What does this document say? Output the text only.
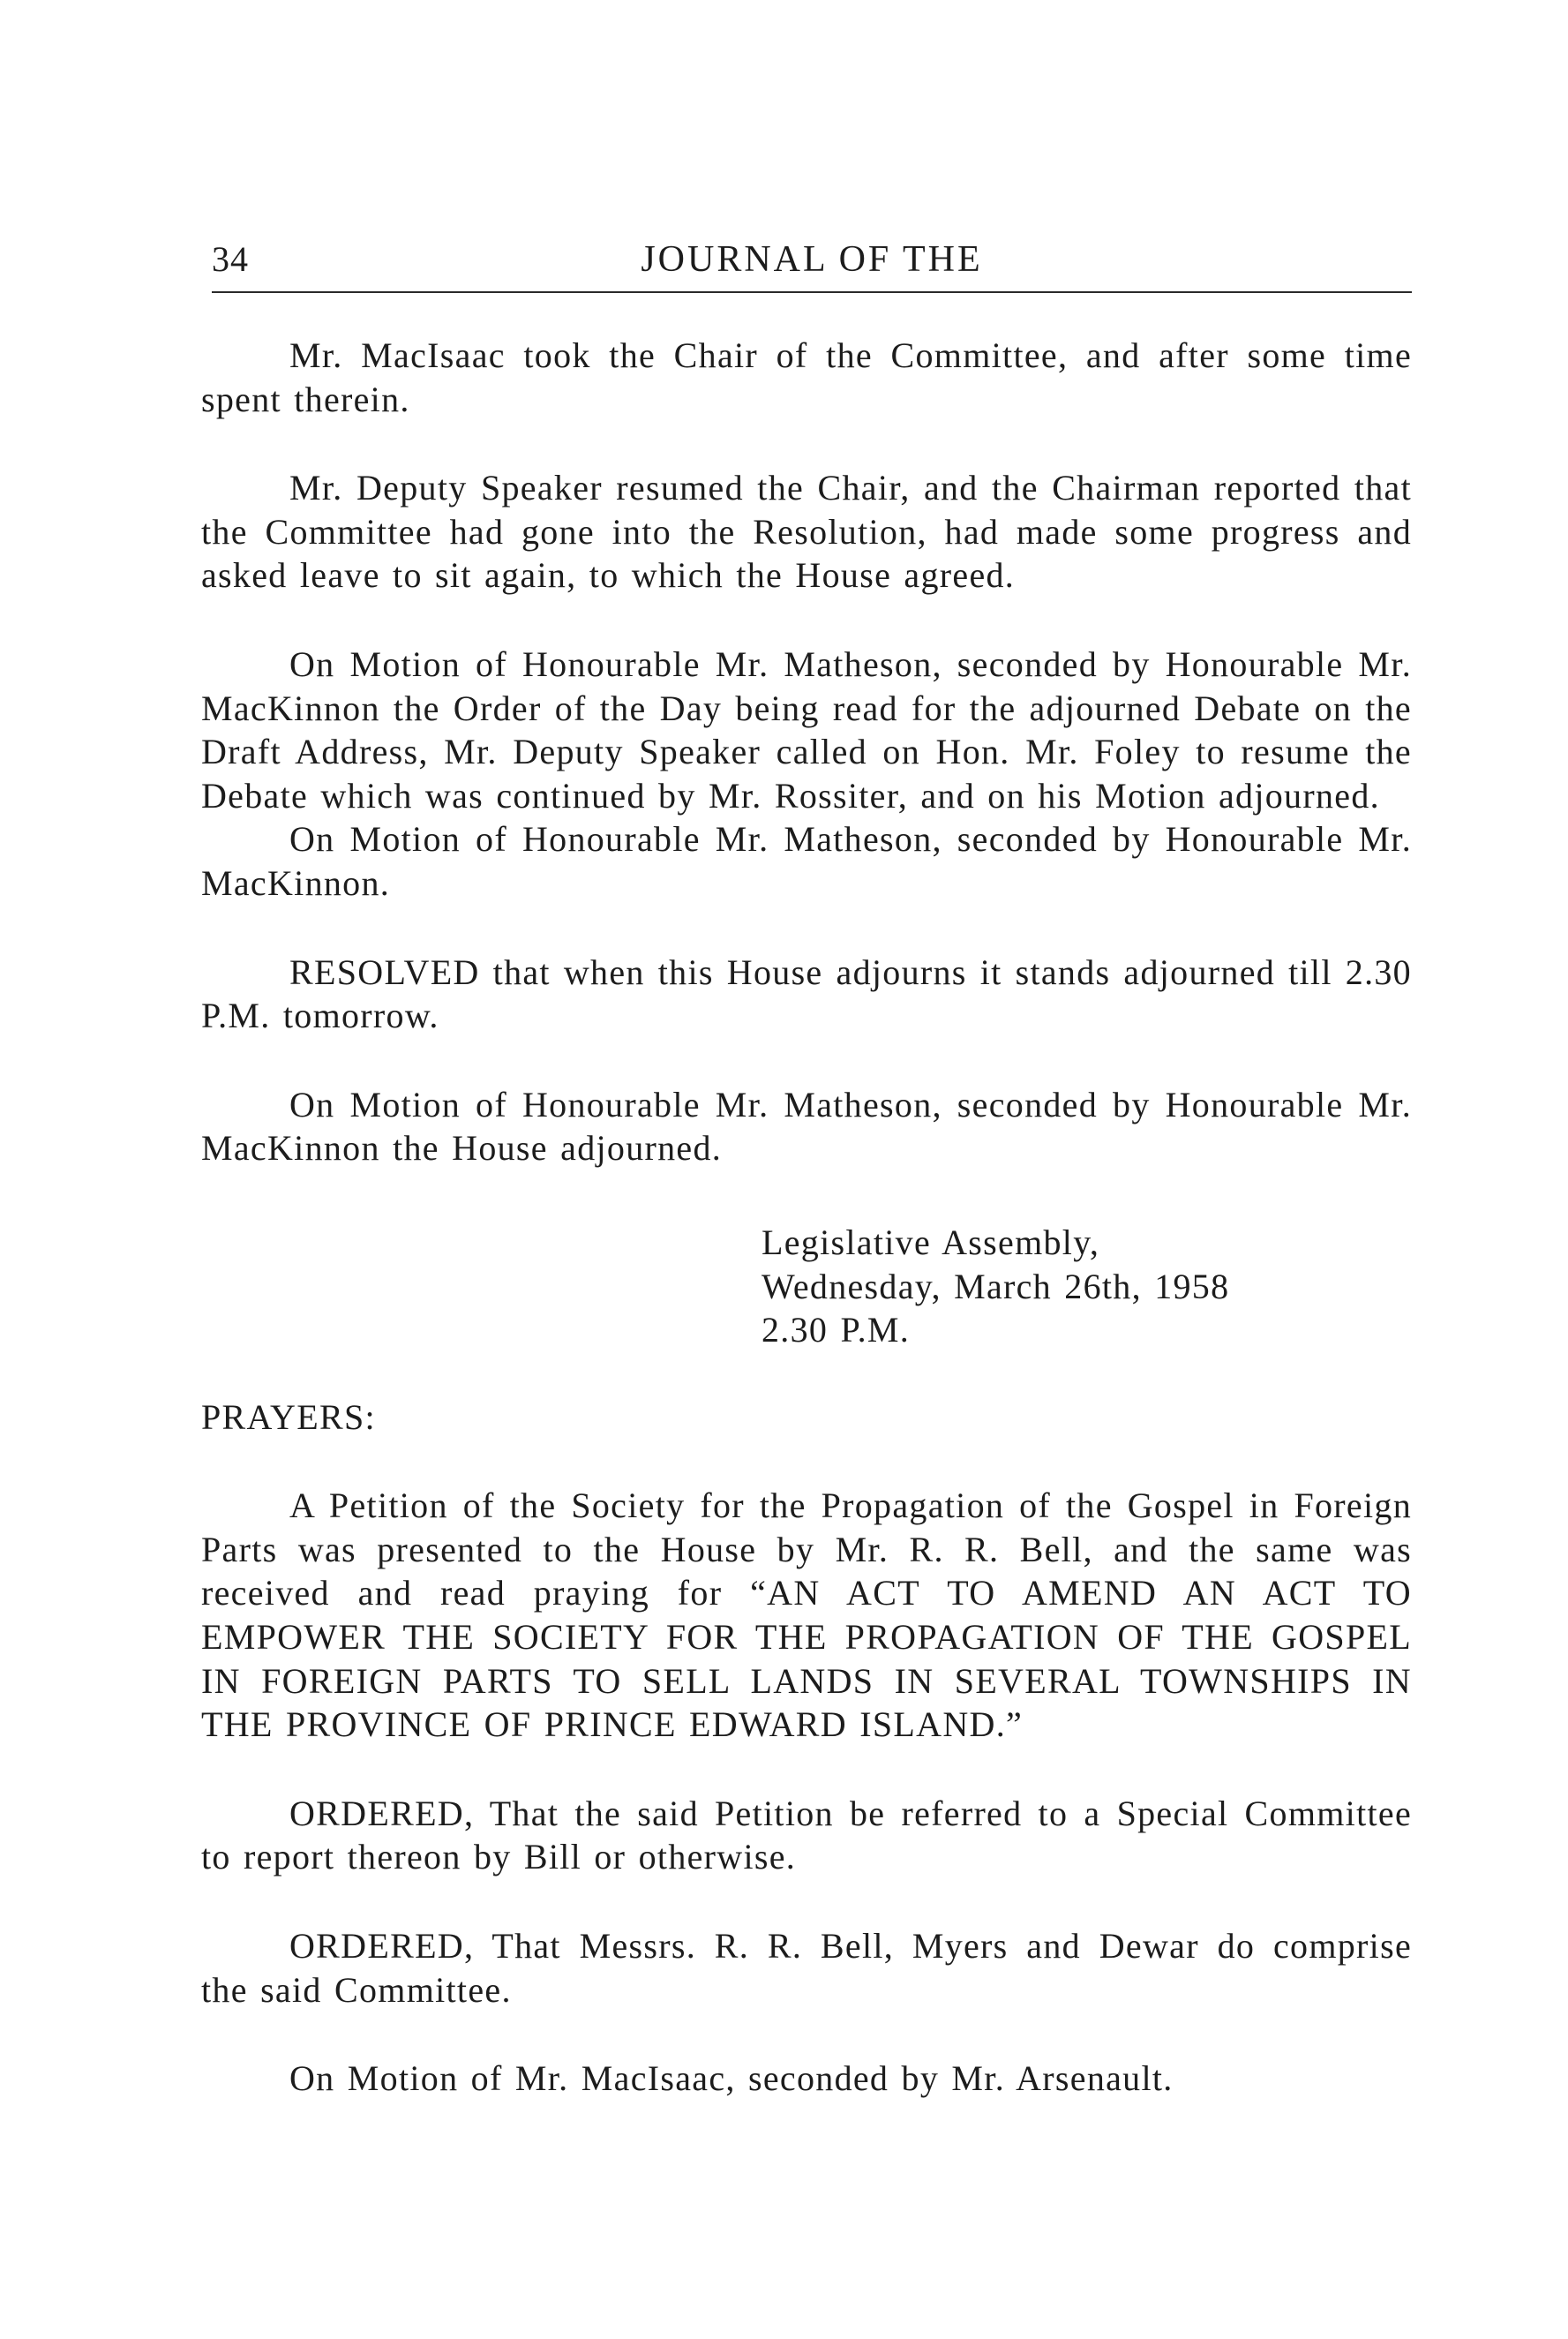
34	JOURNAL OF THE

Mr. MacIsaac took the Chair of the Committee, and after some time spent therein.

Mr. Deputy Speaker resumed the Chair, and the Chairman reported that the Committee had gone into the Resolution, had made some progress and asked leave to sit again, to which the House agreed.

On Motion of Honourable Mr. Matheson, seconded by Honourable Mr. MacKinnon the Order of the Day being read for the adjourned Debate on the Draft Address, Mr. Deputy Speaker called on Hon. Mr. Foley to resume the Debate which was continued by Mr. Rossiter, and on his Motion adjourned.

On Motion of Honourable Mr. Matheson, seconded by Honourable Mr. MacKinnon.

RESOLVED that when this House adjourns it stands adjourned till 2.30 P.M. tomorrow.

On Motion of Honourable Mr. Matheson, seconded by Honourable Mr. MacKinnon the House adjourned.

Legislative Assembly,
Wednesday, March 26th, 1958
2.30 P.M.

PRAYERS:

A Petition of the Society for the Propagation of the Gospel in Foreign Parts was presented to the House by Mr. R. R. Bell, and the same was received and read praying for “AN ACT TO AMEND AN ACT TO EMPOWER THE SOCIETY FOR THE PROPAGATION OF THE GOSPEL IN FOREIGN PARTS TO SELL LANDS IN SEVERAL TOWNSHIPS IN THE PROVINCE OF PRINCE EDWARD ISLAND.”

ORDERED, That the said Petition be referred to a Special Committee to report thereon by Bill or otherwise.

ORDERED, That Messrs. R. R. Bell, Myers and Dewar do comprise the said Committee.

On Motion of Mr. MacIsaac, seconded by Mr. Arsenault.
